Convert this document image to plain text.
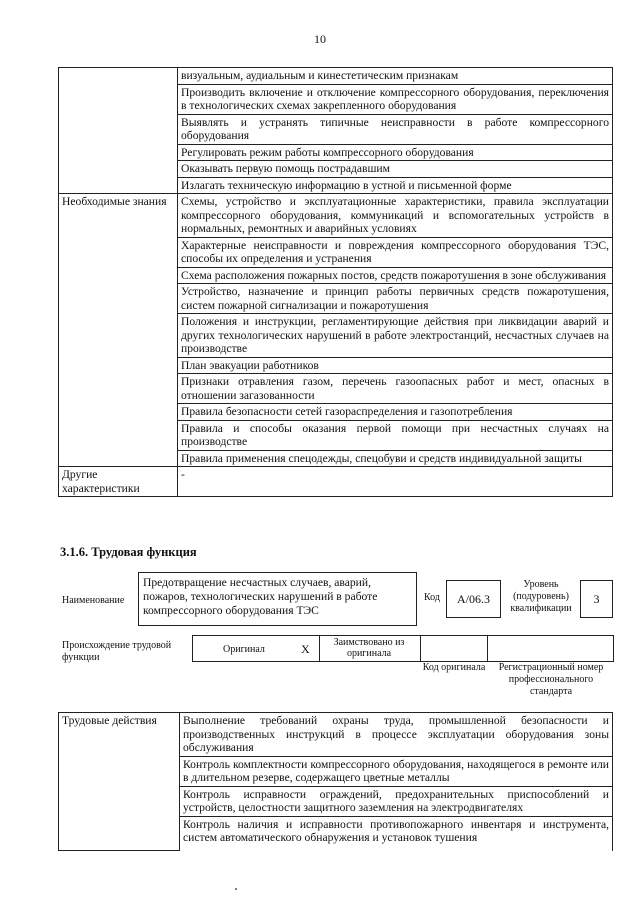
10
	визуальным, аудиальным и кинестетическим признакам
	Производить включение и отключение компрессорного оборудования, переключения в технологических схемах закрепленного оборудования
	Выявлять и устранять типичные неисправности в работе компрессорного оборудования
	Регулировать режим работы компрессорного оборудования
	Оказывать первую помощь пострадавшим
	Излагать техническую информацию в устной и письменной форме
Необходимые знания	Схемы, устройство и эксплуатационные характеристики, правила эксплуатации компрессорного оборудования, коммуникаций и вспомогательных устройств в нормальных, ремонтных и аварийных условиях
	Характерные неисправности и повреждения компрессорного оборудования ТЭС, способы их определения и устранения
	Схема расположения пожарных постов, средств пожаротушения в зоне обслуживания
	Устройство, назначение и принцип работы первичных средств пожаротушения, систем пожарной сигнализации и пожаротушения
	Положения и инструкции, регламентирующие действия при ликвидации аварий и других технологических нарушений в работе электростанций, несчастных случаев на производстве
	План эвакуации работников
	Признаки отравления газом, перечень газоопасных работ и мест, опасных в отношении загазованности
	Правила безопасности сетей газораспределения и газопотребления
	Правила и способы оказания первой помощи при несчастных случаях на производстве
	Правила применения спецодежды, спецобуви и средств индивидуальной защиты
Другие характеристики	-
3.1.6. Трудовая функция
Наименование
Предотвращение несчастных случаев, аварий, пожаров, технологических нарушений в работе компрессорного оборудования ТЭС
Код	A/06.3
Уровень (подуровень) квалификации
3
Происхождение трудовой функции
Оригинал	X	Заимствовано из оригинала
Код оригинала	Регистрационный номер профессионального стандарта
Трудовые действия	Выполнение требований охраны труда, промышленной безопасности и производственных инструкций в процессе эксплуатации оборудования зоны обслуживания
Контроль комплектности компрессорного оборудования, находящегося в ремонте или в длительном резерве, содержащего цветные металлы
Контроль исправности ограждений, предохранительных приспособлений и устройств, целостности защитного заземления на электродвигателях
Контроль наличия и исправности противопожарного инвентаря и инструмента, систем автоматического обнаружения и установок тушения
